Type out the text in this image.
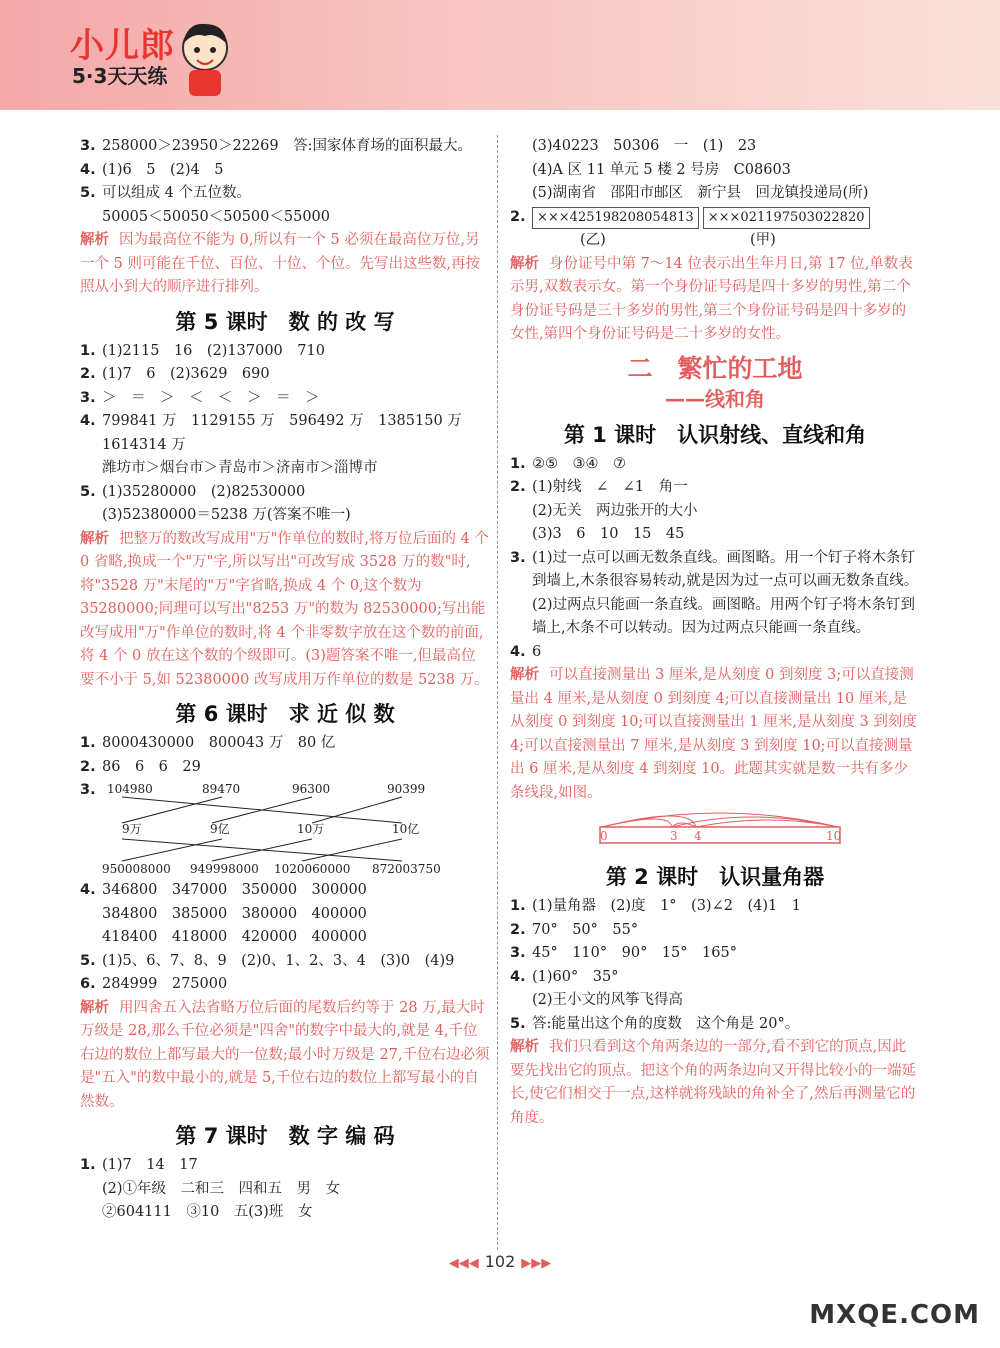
小儿郎
5·3天天练
3. 258000＞23950＞22269　答:国家体育场的面积最大。
4. (1)6　5　(2)4　5
5. 可以组成 4 个五位数。
50005＜50050＜50500＜55000
解析 因为最高位不能为 0,所以有一个 5 必须在最高位万位,另一个 5 则可能在千位、百位、十位、个位。先写出这些数,再按照从小到大的顺序进行排列。
第 5 课时　数 的 改 写
1. (1)2115　16　(2)137000　710
2. (1)7　6　(2)3629　690
3. ＞　＝　＞　＜　＜　＞　＝　＞
4. 799841 万　1129155 万　596492 万　1385150 万
1614314 万
潍坊市＞烟台市＞青岛市＞济南市＞淄博市
5. (1)35280000　(2)82530000
(3)52380000＝5238 万(答案不唯一)
解析 把整万的数改写成用"万"作单位的数时,将万位后面的 4 个 0 省略,换成一个"万"字,所以写出"可改写成 3528 万的数"时,将"3528 万"末尾的"万"字省略,换成 4 个 0,这个数为 35280000;同理可以写出"8253 万"的数为 82530000;写出能改写成用"万"作单位的数时,将 4 个非零数字放在这个数的前面,将 4 个 0 放在这个数的个级即可。(3)题答案不唯一,但最高位要不小于 5,如 52380000 改写成用万作单位的数是 5238 万。
第 6 课时　求 近 似 数
1. 8000430000　800043 万　80 亿
2. 86　6　6　29
3. 104980	89470	96300	90399
9万	9亿	10万	10亿
950008000 949998000 1020060000 872003750
4. 346800　347000　350000　300000
384800　385000　380000　400000
418400　418000　420000　400000
5. (1)5、6、7、8、9　(2)0、1、2、3、4　(3)0　(4)9
6. 284999　275000
解析 用四舍五入法省略万位后面的尾数后约等于 28 万,最大时万级是 28,那么千位必须是"四舍"的数字中最大的,就是 4,千位右边的数位上都写最大的一位数;最小时万级是 27,千位右边必须是"五入"的数中最小的,就是 5,千位右边的数位上都写最小的自然数。
第 7 课时　数 字 编 码
1. (1)7　14　17
(2)①年级　二和三　四和五　男　女
②604111　③10　五(3)班　女
(3)40223　50306　一　(1)　23
(4)A 区 11 单元 5 楼 2 号房　C08603
(5)湖南省　邵阳市邮区　新宁县　回龙镇投递局(所)
2. ×××425198208054813 ×××021197503022820
(乙)	(甲)
解析 身份证号中第 7～14 位表示出生年月日,第 17 位,单数表示男,双数表示女。第一个身份证号码是四十多岁的男性,第二个身份证号码是三十多岁的男性,第三个身份证号码是四十多岁的女性,第四个身份证号码是二十多岁的女性。
二　繁忙的工地
——线和角
第 1 课时　认识射线、直线和角
1. ②⑤　③④　⑦
2. (1)射线　∠　∠1　角一
(2)无关　两边张开的大小
(3)3　6　10　15　45
3. (1)过一点可以画无数条直线。画图略。用一个钉子将木条钉到墙上,木条很容易转动,就是因为过一点可以画无数条直线。
(2)过两点只能画一条直线。画图略。用两个钉子将木条钉到墙上,木条不可以转动。因为过两点只能画一条直线。
4. 6
解析 可以直接测量出 3 厘米,是从刻度 0 到刻度 3;可以直接测量出 4 厘米,是从刻度 0 到刻度 4;可以直接测量出 10 厘米,是从刻度 0 到刻度 10;可以直接测量出 1 厘米,是从刻度 3 到刻度 4;可以直接测量出 7 厘米,是从刻度 3 到刻度 10;可以直接测量出 6 厘米,是从刻度 4 到刻度 10。此题其实就是数一共有多少条线段,如图。
0	3 4	10
第 2 课时　认识量角器
1. (1)量角器　(2)度　1°　(3)∠2　(4)1　1
2. 70°　50°　55°
3. 45°　110°　90°　15°　165°
4. (1)60°　35°
(2)王小文的风筝飞得高
5. 答:能量出这个角的度数　这个角是 20°。
解析 我们只看到这个角两条边的一部分,看不到它的顶点,因此要先找出它的顶点。把这个角的两条边向又开得比较小的一端延长,使它们相交于一点,这样就将残缺的角补全了,然后再测量它的角度。
◀◀◀ 102 ▶▶▶
MXQE.COM
